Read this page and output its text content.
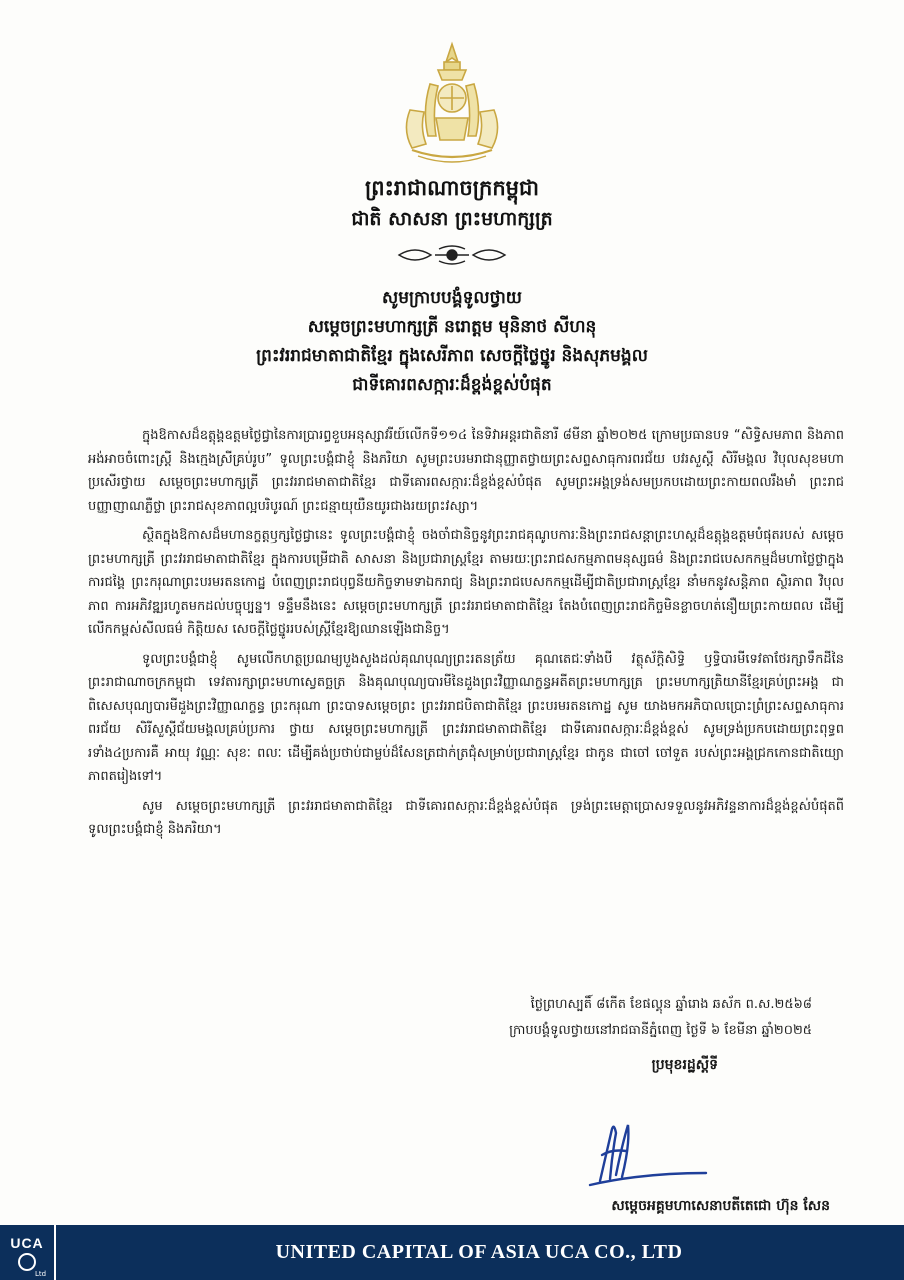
ព្រះរាជាណាចក្រកម្ពុជា
ជាតិ សាសនា ព្រះមហាក្សត្រ
សូមក្រាបបង្គំទូលថ្វាយ
សម្តេចព្រះមហាក្សត្រី នរោត្តម មុនិនាថ សីហនុ
ព្រះវររាជមាតាជាតិខ្មែរ ក្នុងសេរីភាព សេចក្តីថ្លៃថ្នូរ និងសុភមង្គល
ជាទីគោរពសក្ការៈដ៏ខ្ពង់ខ្ពស់បំផុត

ក្នុងឱកាសដ៏ឧត្តុង្គឧត្តមថ្ងៃជ្វានៃការប្រារព្ធខួបអនុស្សាវរីយ៍លើកទី១១៤ នៃទិវាអន្តរជាតិនារី ៨មីនា ឆ្នាំ២០២៥ ក្រោមប្រធានបទ “សិទ្ធិសមភាព និងភាពអង់អាចចំពោះស្ត្រី និងក្មេងស្រីគ្រប់រូប” ទូលព្រះបង្គំជាខ្ញុំ និងភរិយា សូមព្រះបរមរាជានុញ្ញាតថ្វាយព្រះសព្ទសាធុការពរជ័យ បវរសួស្តី សិរីមង្គល វិបុលសុខមហាប្រសើរថ្វាយ សម្តេចព្រះមហាក្សត្រី ព្រះវររាជមាតាជាតិខ្មែរ ជាទីគោរពសក្ការៈដ៏ខ្ពង់ខ្ពស់បំផុត សូមព្រះអង្គទ្រង់សមប្រកបដោយព្រះកាយពលរឹងមាំ ព្រះរាជបញ្ញាញាណភ្លឺថ្លា ព្រះរាជសុខភាពល្អបរិបូរណ៍ ព្រះជន្មាយុយឺនយូរជាងរយព្រះវស្សា។

ស្ថិតក្នុងឱកាសដ៏មហានក្ខត្តឫក្សថ្ងៃជ្វានេះ ទូលព្រះបង្គំជាខ្ញុំ ចងចាំជានិច្ចនូវព្រះរាជគុណូបការៈនិងព្រះរាជសន្ដាព្រះហស្តដ៏ឧត្តុង្គឧត្តមបំផុតរបស់ សម្តេចព្រះមហាក្សត្រី ព្រះវររាជមាតាជាតិខ្មែរ ក្នុងការបម្រើជាតិ សាសនា និងប្រជារាស្ត្រខ្មែរ តាមរយៈព្រះរាជសកម្មភាពមនុស្សធម៌ និងព្រះរាជបេសកកម្មដ៏មហាថ្លៃថ្លាក្នុងការជង្គៃ ព្រះករុណាព្រះបរមរតនកោដ្ឋ បំពេញព្រះរាជបុព្វនីយកិច្ចទាមទាឯករាជ្យ និងព្រះរាជបេសកកម្មដើម្បីជាតិប្រជារាស្ត្រខ្មែរ នាំមកនូវសន្តិភាព ស្ថិរភាព វិបុលភាព ការអភិវឌ្ឍរហូតមកដល់បច្ចុប្បន្ន។ ទន្ទឹមនឹងនេះ សម្តេចព្រះមហាក្សត្រី ព្រះវររាជមាតាជាតិខ្មែរ តែងបំពេញព្រះរាជកិច្ចមិនខ្លាចហត់នឿយព្រះកាយពល ដើម្បីលើកកម្ពស់សីលធម៌ កិត្តិយស សេចក្តីថ្លៃថ្នូររបស់ស្ត្រីខ្មែរឱ្យឈានឡើងជានិច្ច។

ទូលព្រះបង្គំជាខ្ញុំ សូមលើកហត្ថប្រណម្យបួងសួងដល់គុណបុណ្យព្រះរតនត្រ័យ គុណតេជៈទាំងបី វត្ថុស័ក្តិសិទ្ធិ ឫទ្ធិបារមីទេវតាថែរក្សាទឹកដីនៃព្រះរាជាណាចក្រកម្ពុជា ទេវតារក្សាព្រះមហាស្វេតច្ឆត្រ និងគុណបុណ្យបារមីនៃដួងព្រះវិញ្ញាណក្ខន្ធអតីតព្រះមហាក្សត្រ ព្រះមហាក្សត្រិយានីខ្មែរគ្រប់ព្រះអង្គ ជាពិសេសបុណ្យបារមីដួងព្រះវិញ្ញាណក្ខន្ធ ព្រះករុណា ព្រះបាទសម្តេចព្រះ ព្រះវររាជបិតាជាតិខ្មែរ ព្រះបរមរតនកោដ្ឋ សូម យាងមកអភិបាលប្រោះព្រំព្រះសព្ទសាធុការពរជ័យ សិរីសួស្តីជ័យមង្គលគ្រប់ប្រការ ថ្វាយ សម្តេចព្រះមហាក្សត្រី ព្រះវររាជមាតាជាតិខ្មែរ ជាទីគោរពសក្ការៈដ៏ខ្ពង់ខ្ពស់ សូមទ្រង់ប្រកបដោយព្រះពុទ្ធពរទាំង៤ប្រការគឺ អាយុ វណ្ណៈ សុខៈ ពលៈ ដើម្បីគង់ប្រថាប់ជាម្លប់ដ៏សែនត្រជាក់ត្រជុំសម្រាប់ប្រជារាស្ត្រខ្មែរ ជាកូន ជាចៅ ចៅទួត របស់ព្រះអង្គជ្រកកោនជាតិយ្យោភាពតរៀងទៅ។

សូម សម្តេចព្រះមហាក្សត្រី ព្រះវររាជមាតាជាតិខ្មែរ ជាទីគោរពសក្ការៈដ៏ខ្ពង់ខ្ពស់បំផុត ទ្រង់ព្រះមេត្តាប្រោសទទួលនូវអភិវន្ទនាការដ៏ខ្ពង់ខ្ពស់បំផុតពីទូលព្រះបង្គំជាខ្ញុំ និងភរិយា។

ថ្ងៃព្រហស្បតិ៍ ៨កើត ខែផល្គុន ឆ្នាំរោង ឆស័ក ព.ស.២៥៦៨
ក្រាបបង្គំទូលថ្វាយនៅរាជធានីភ្នំពេញ ថ្ងៃទី ៦ ខែមីនា ឆ្នាំ២០២៥
ប្រមុខរដ្ឋស្តីទី
សម្តេចអគ្គមហាសេនាបតីតេជោ ហ៊ុន សែន
UCA	UNITED CAPITAL OF ASIA UCA CO., LTD
Ltd
